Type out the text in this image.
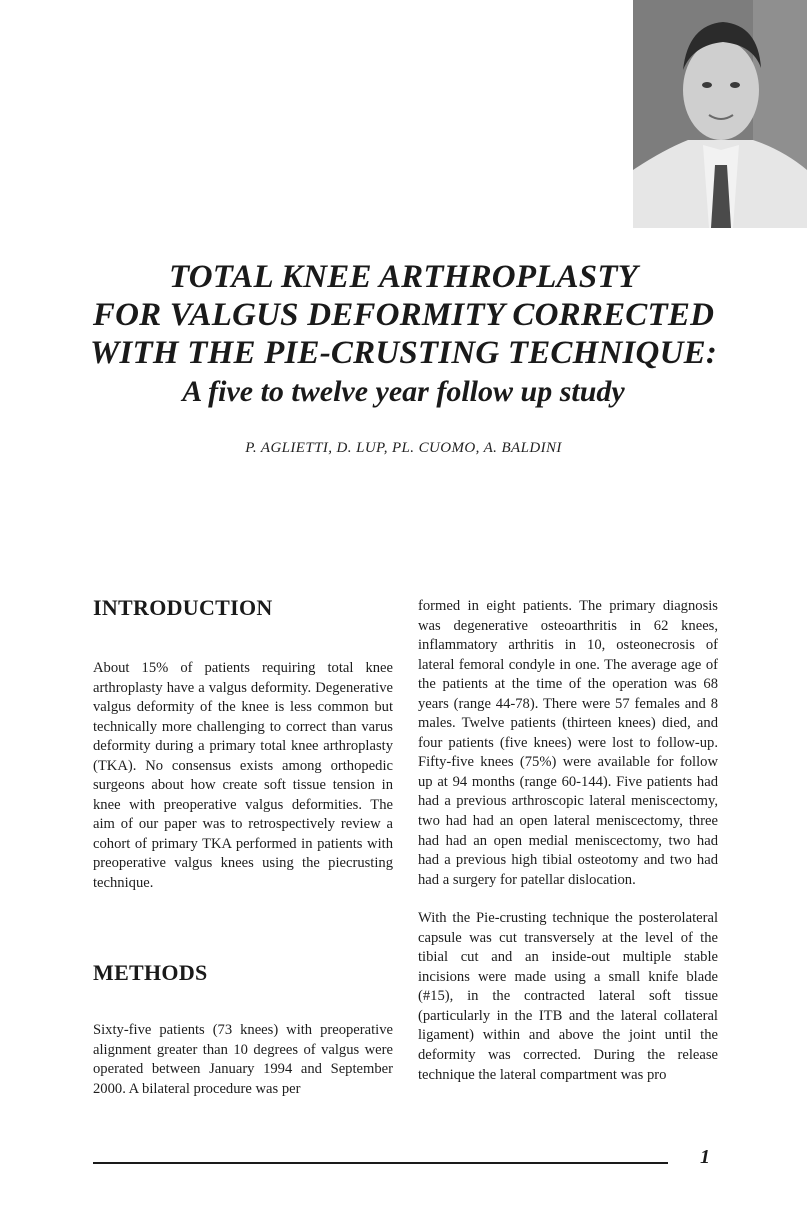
TOTAL KNEE ARTHROPLASTY
FOR VALGUS DEFORMITY CORRECTED
WITH THE PIE-CRUSTING TECHNIQUE:
A five to twelve year follow up study
P. AGLIETTI, D. LUP, PL. CUOMO, A. BALDINI
INTRODUCTION

About 15% of patients requiring total knee arthroplasty have a valgus deformity. Degenerative valgus deformity of the knee is less common but technically more challenging to correct than varus deformity during a primary total knee arthroplasty (TKA). No consensus exists among orthopedic surgeons about how create soft tissue tension in knee with preoperative valgus deformities. The aim of our paper was to retrospectively review a cohort of primary TKA performed in patients with preoperative valgus knees using the piecrusting technique.

METHODS

Sixty-five patients (73 knees) with preoperative alignment greater than 10 degrees of valgus were operated between January 1994 and September 2000. A bilateral procedure was per

formed in eight patients. The primary diagnosis was degenerative osteoarthritis in 62 knees, inflammatory arthritis in 10, osteonecrosis of lateral femoral condyle in one. The average age of the patients at the time of the operation was 68 years (range 44-78). There were 57 females and 8 males. Twelve patients (thirteen knees) died, and four patients (five knees) were lost to follow-up. Fifty-five knees (75%) were available for follow up at 94 months (range 60-144). Five patients had had a previous arthroscopic lateral meniscectomy, two had had an open lateral meniscectomy, three had had an open medial meniscectomy, two had had a previous high tibial osteotomy and two had had a surgery for patellar dislocation.

With the Pie-crusting technique the posterolateral capsule was cut transversely at the level of the tibial cut and an inside-out multiple stable incisions were made using a small knife blade (#15), in the contracted lateral soft tissue (particularly in the ITB and the lateral collateral ligament) within and above the joint until the deformity was corrected. During the release technique the lateral compartment was pro

1
